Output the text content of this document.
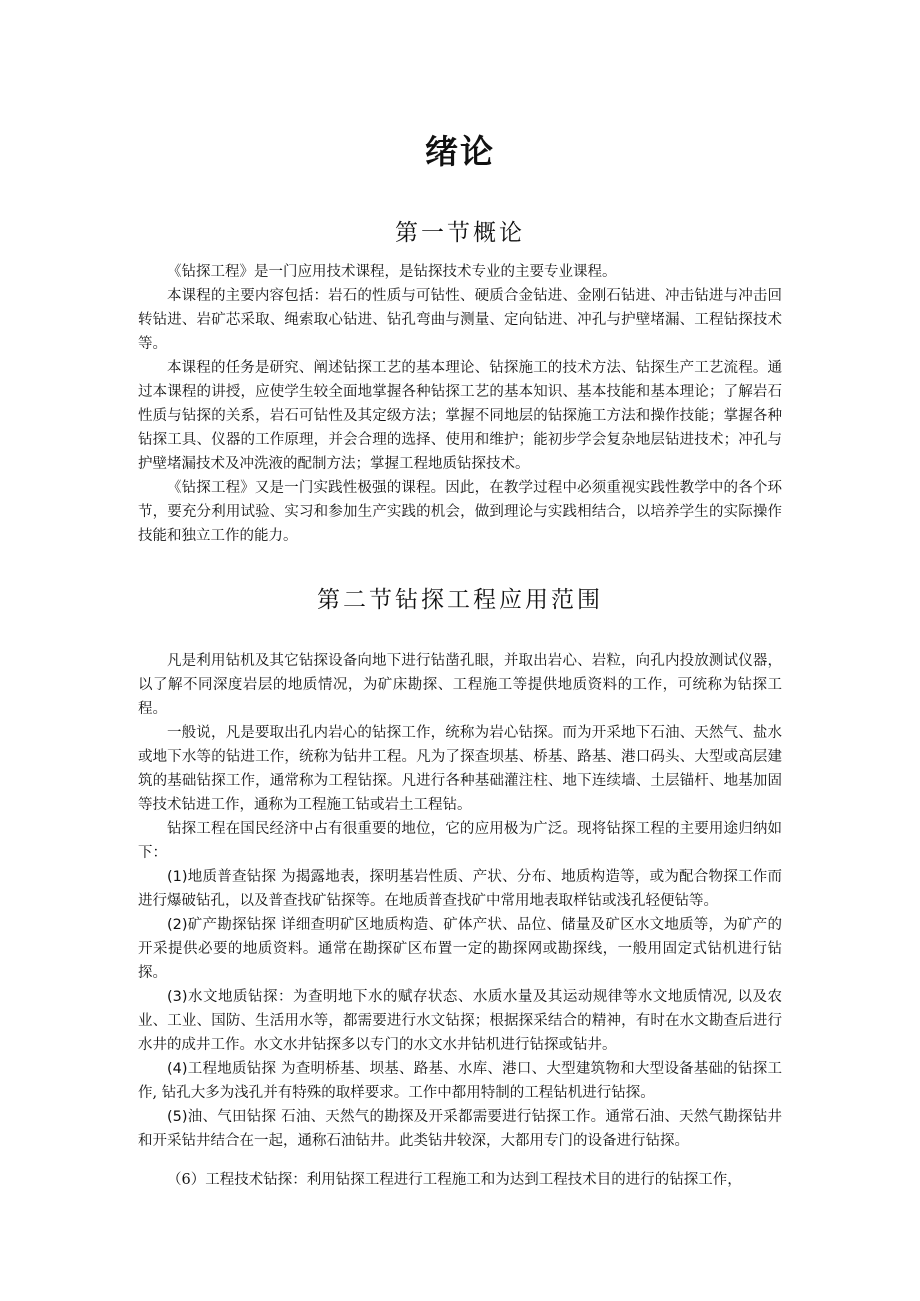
绪论
第一节概论

《钻探工程》是一门应用技术课程，是钻探技术专业的主要专业课程。

本课程的主要内容包括：岩石的性质与可钻性、硬质合金钻进、金刚石钻进、冲击钻进与冲击回转钻进、岩矿芯采取、绳索取心钻进、钻孔弯曲与测量、定向钻进、冲孔与护壁堵漏、工程钻探技术等。

本课程的任务是研究、阐述钻探工艺的基本理论、钻探施工的技术方法、钻探生产工艺流程。通过本课程的讲授，应使学生较全面地掌握各种钻探工艺的基本知识、基本技能和基本理论；了解岩石性质与钻探的关系，岩石可钻性及其定级方法；掌握不同地层的钻探施工方法和操作技能；掌握各种钻探工具、仪器的工作原理，并会合理的选择、使用和维护；能初步学会复杂地层钻进技术；冲孔与护壁堵漏技术及冲洗液的配制方法；掌握工程地质钻探技术。

《钻探工程》又是一门实践性极强的课程。因此，在教学过程中必须重视实践性教学中的各个环节，要充分利用试验、实习和参加生产实践的机会，做到理论与实践相结合，以培养学生的实际操作技能和独立工作的能力。

第二节钻探工程应用范围

凡是利用钻机及其它钻探设备向地下进行钻凿孔眼，并取出岩心、岩粒，向孔内投放测试仪器，以了解不同深度岩层的地质情况，为矿床勘探、工程施工等提供地质资料的工作，可统称为钻探工程。

一般说，凡是要取出孔内岩心的钻探工作，统称为岩心钻探。而为开采地下石油、天然气、盐水或地下水等的钻进工作，统称为钻井工程。凡为了探查坝基、桥基、路基、港口码头、大型或高层建筑的基础钻探工作，通常称为工程钻探。凡进行各种基础灌注柱、地下连续墙、土层锚杆、地基加固等技术钻进工作，通称为工程施工钻或岩土工程钻。

钻探工程在国民经济中占有很重要的地位，它的应用极为广泛。现将钻探工程的主要用途归纳如下：

(1)地质普查钻探 为揭露地表，探明基岩性质、产状、分布、地质构造等，或为配合物探工作而进行爆破钻孔，以及普查找矿钻探等。在地质普查找矿中常用地表取样钻或浅孔轻便钻等。

(2)矿产勘探钻探 详细查明矿区地质构造、矿体产状、品位、储量及矿区水文地质等，为矿产的开采提供必要的地质资料。通常在勘探矿区布置一定的勘探网或勘探线，一般用固定式钻机进行钻探。

(3)水文地质钻探：为查明地下水的赋存状态、水质水量及其运动规律等水文地质情况, 以及农业、工业、国防、生活用水等，都需要进行水文钻探；根据探采结合的精神，有时在水文勘查后进行水井的成井工作。水文水井钻探多以专门的水文水井钻机进行钻探或钻井。

(4)工程地质钻探 为查明桥基、坝基、路基、水库、港口、大型建筑物和大型设备基础的钻探工作, 钻孔大多为浅孔并有特殊的取样要求。工作中都用特制的工程钻机进行钻探。

(5)油、气田钻探 石油、天然气的勘探及开采都需要进行钻探工作。通常石油、天然气勘探钻井和开采钻井结合在一起，通称石油钻井。此类钻井较深，大都用专门的设备进行钻探。

（6）工程技术钻探：利用钻探工程进行工程施工和为达到工程技术目的进行的钻探工作，
